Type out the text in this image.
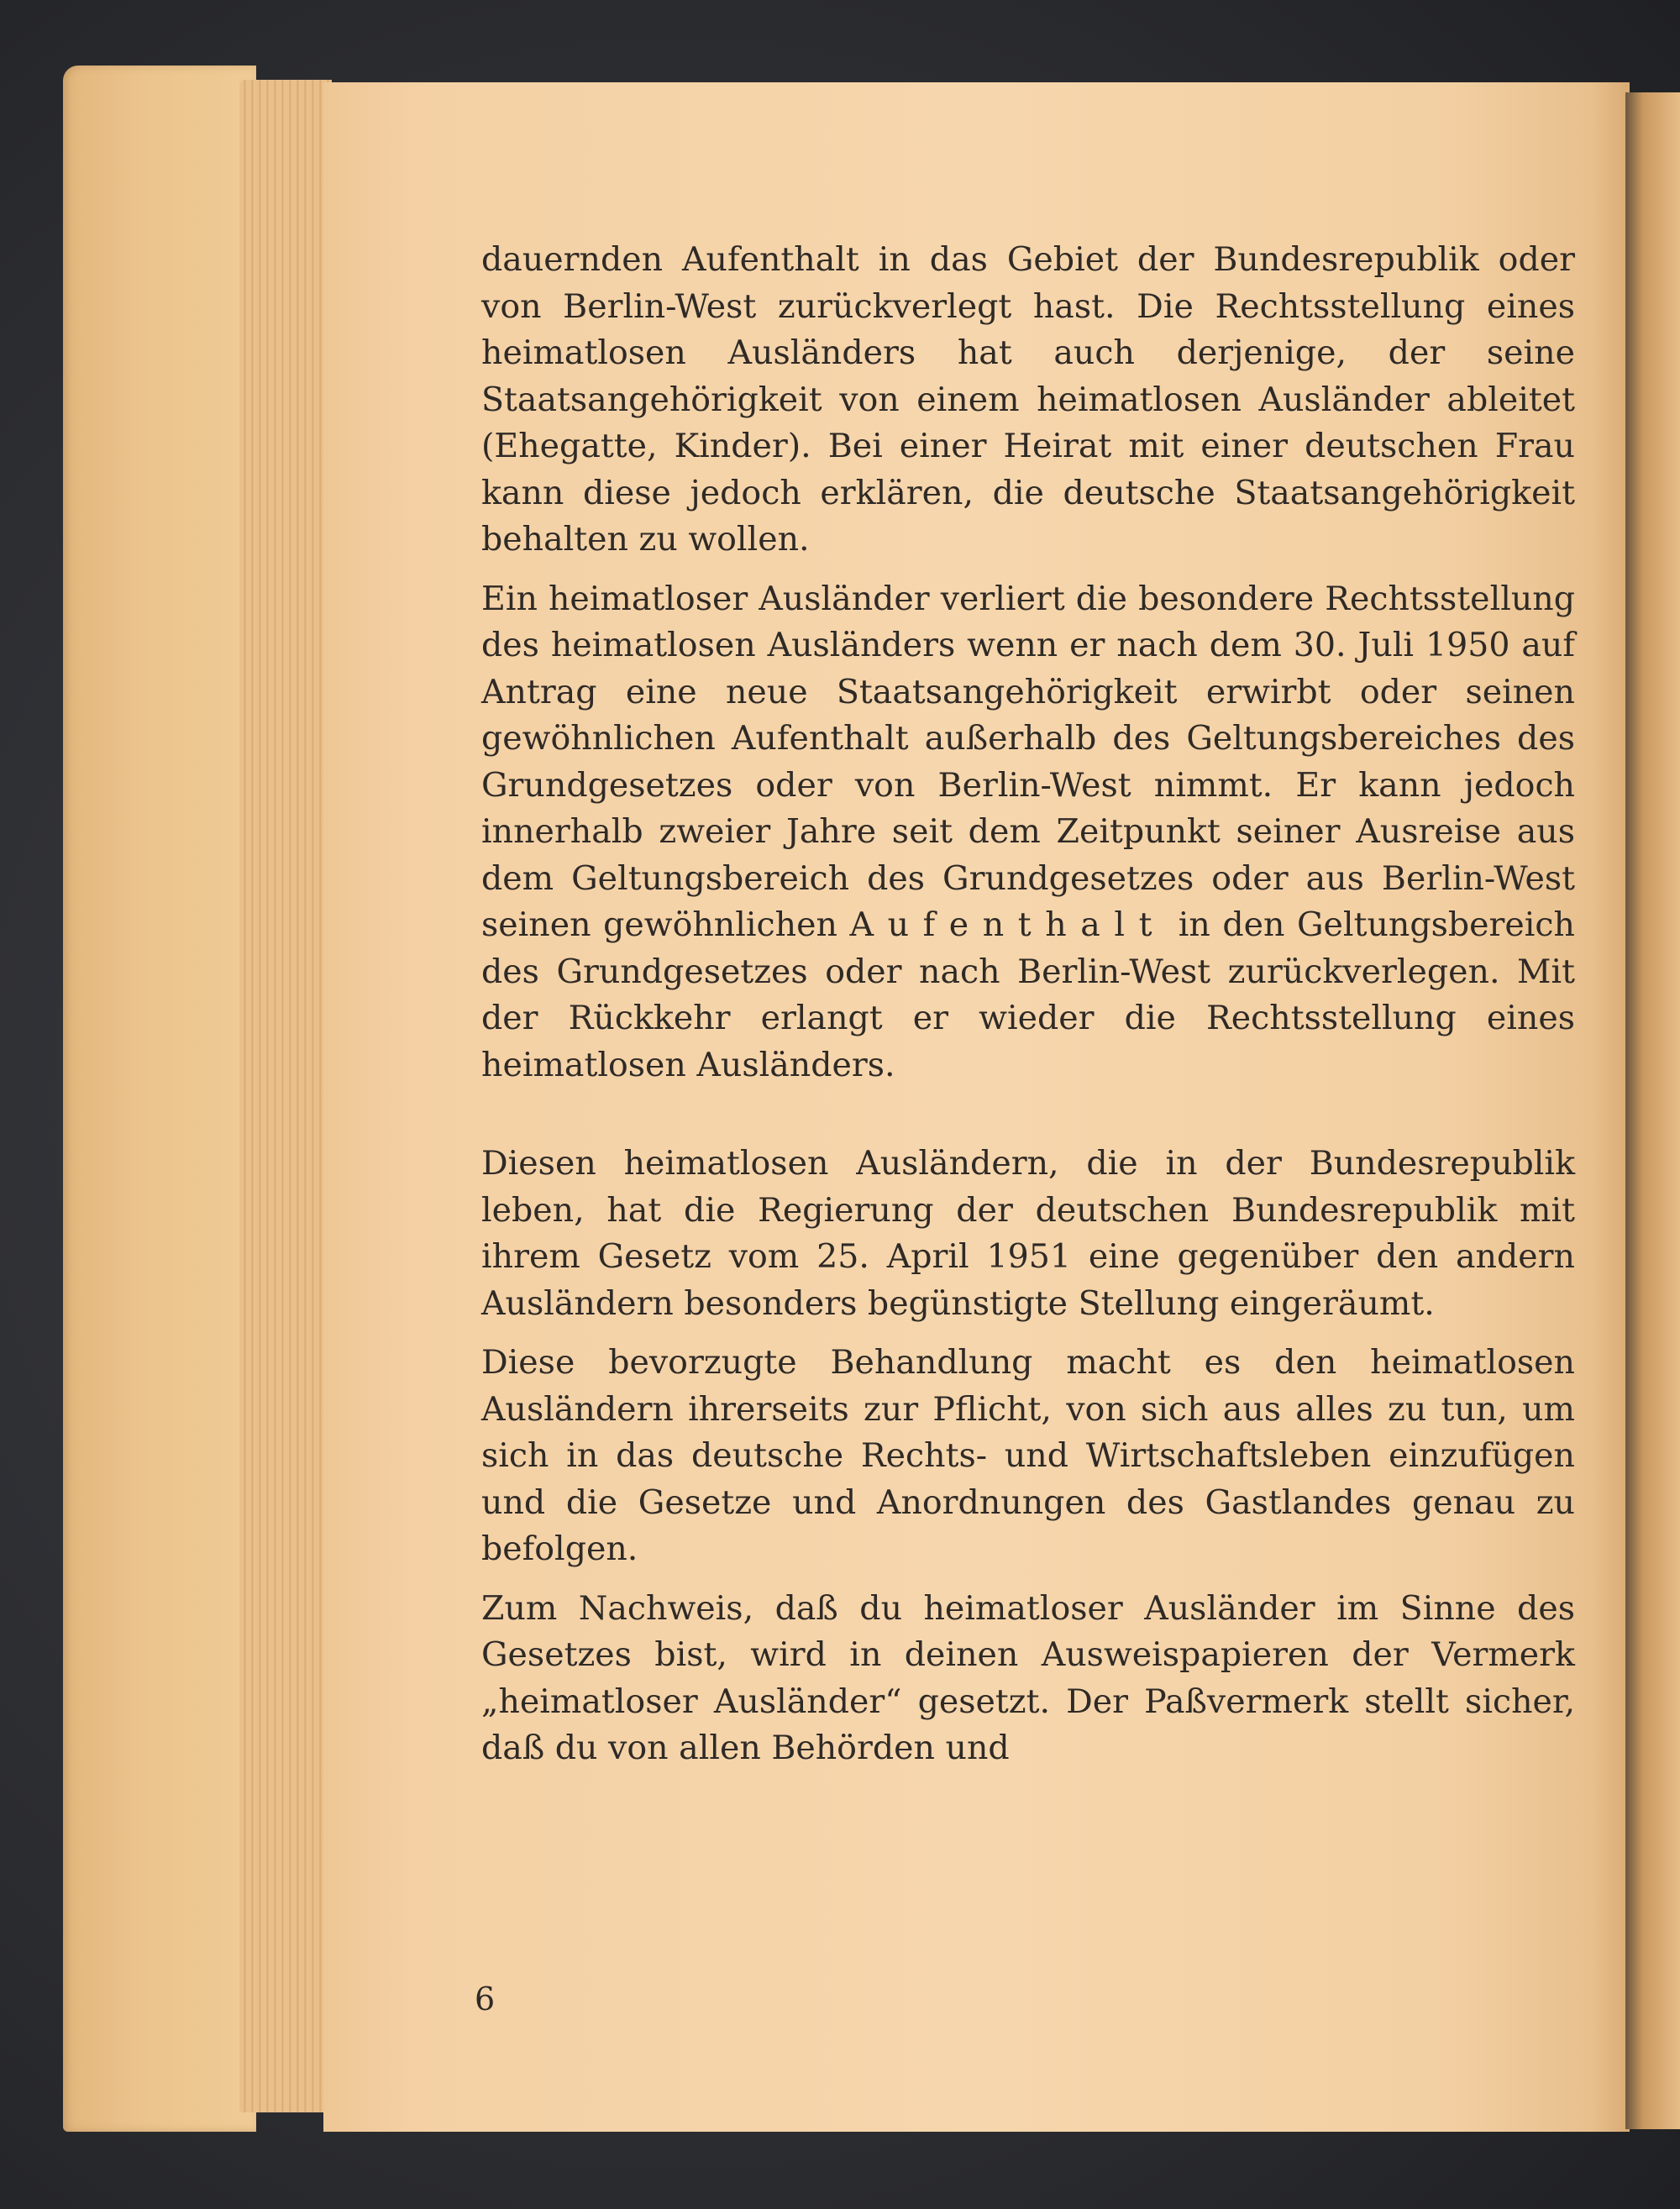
dauernden Aufenthalt in das Gebiet der Bundesrepublik oder von Berlin-West zurückverlegt hast. Die Rechtsstellung eines heimatlosen Ausländers hat auch derjenige, der seine Staatsangehörigkeit von einem heimatlosen Ausländer ableitet (Ehegatte, Kinder). Bei einer Heirat mit einer deutschen Frau kann diese jedoch erklären, die deutsche Staatsangehörigkeit behalten zu wollen.

Ein heimatloser Ausländer verliert die besondere Rechtsstellung des heimatlosen Ausländers wenn er nach dem 30. Juli 1950 auf Antrag eine neue Staatsangehörigkeit erwirbt oder seinen gewöhnlichen Aufenthalt außerhalb des Geltungsbereiches des Grundgesetzes oder von Berlin-West nimmt. Er kann jedoch innerhalb zweier Jahre seit dem Zeitpunkt seiner Ausreise aus dem Geltungsbereich des Grundgesetzes oder aus Berlin-West seinen gewöhnlichen Aufenthalt in den Geltungsbereich des Grundgesetzes oder nach Berlin-West zurückverlegen. Mit der Rückkehr erlangt er wieder die Rechtsstellung eines heimatlosen Ausländers.

Diesen heimatlosen Ausländern, die in der Bundesrepublik leben, hat die Regierung der deutschen Bundesrepublik mit ihrem Gesetz vom 25. April 1951 eine gegenüber den andern Ausländern besonders begünstigte Stellung eingeräumt.

Diese bevorzugte Behandlung macht es den heimatlosen Ausländern ihrerseits zur Pflicht, von sich aus alles zu tun, um sich in das deutsche Rechts- und Wirtschaftsleben einzufügen und die Gesetze und Anordnungen des Gastlandes genau zu befolgen.

Zum Nachweis, daß du heimatloser Ausländer im Sinne des Gesetzes bist, wird in deinen Ausweispapieren der Vermerk „heimatloser Ausländer“ gesetzt. Der Paßvermerk stellt sicher, daß du von allen Behörden und

6
